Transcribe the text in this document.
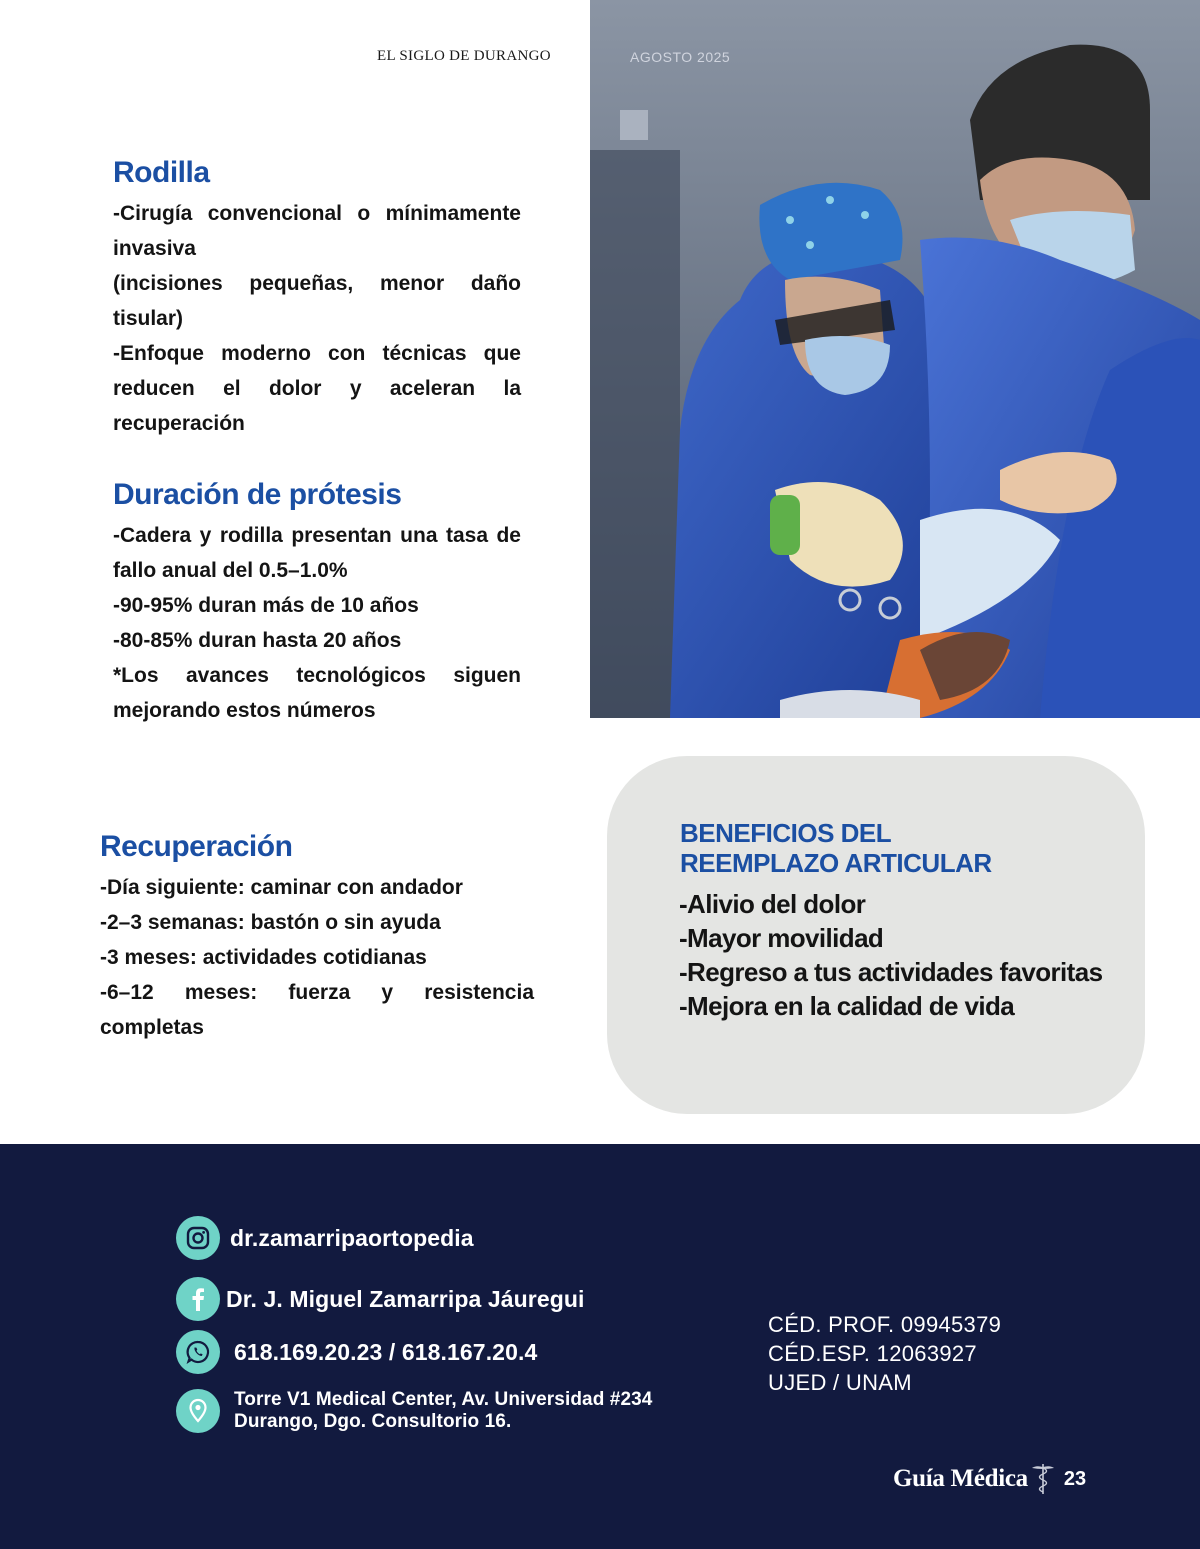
EL SIGLO DE DURANGO	AGOSTO 2025
Rodilla

-Cirugía convencional o mínimamente invasiva

(incisiones pequeñas, menor daño tisular)

-Enfoque moderno con técnicas que reducen el dolor y aceleran la recuperación

Duración de prótesis

-Cadera y rodilla presentan una tasa de fallo anual del 0.5–1.0%

-90-95% duran más de 10 años

-80-85% duran hasta 20 años

*Los avances tecnológicos siguen mejorando estos números

Recuperación

-Día siguiente: caminar con andador

-2–3 semanas: bastón o sin ayuda

-3 meses: actividades cotidianas

-6–12 meses: fuerza y resistencia completas

BENEFICIOS DEL
REEMPLAZO ARTICULAR
-Alivio del dolor
-Mayor movilidad
-Regreso a tus actividades favoritas
-Mejora en la calidad de vida
dr.zamarripaortopedia
Dr. J. Miguel Zamarripa Jáuregui
618.169.20.23 / 618.167.20.4
Torre V1 Medical Center, Av. Universidad #234
Durango, Dgo. Consultorio 16.
CÉD. PROF. 09945379
CÉD.ESP. 12063927
UJED / UNAM
Guía Médica 23
